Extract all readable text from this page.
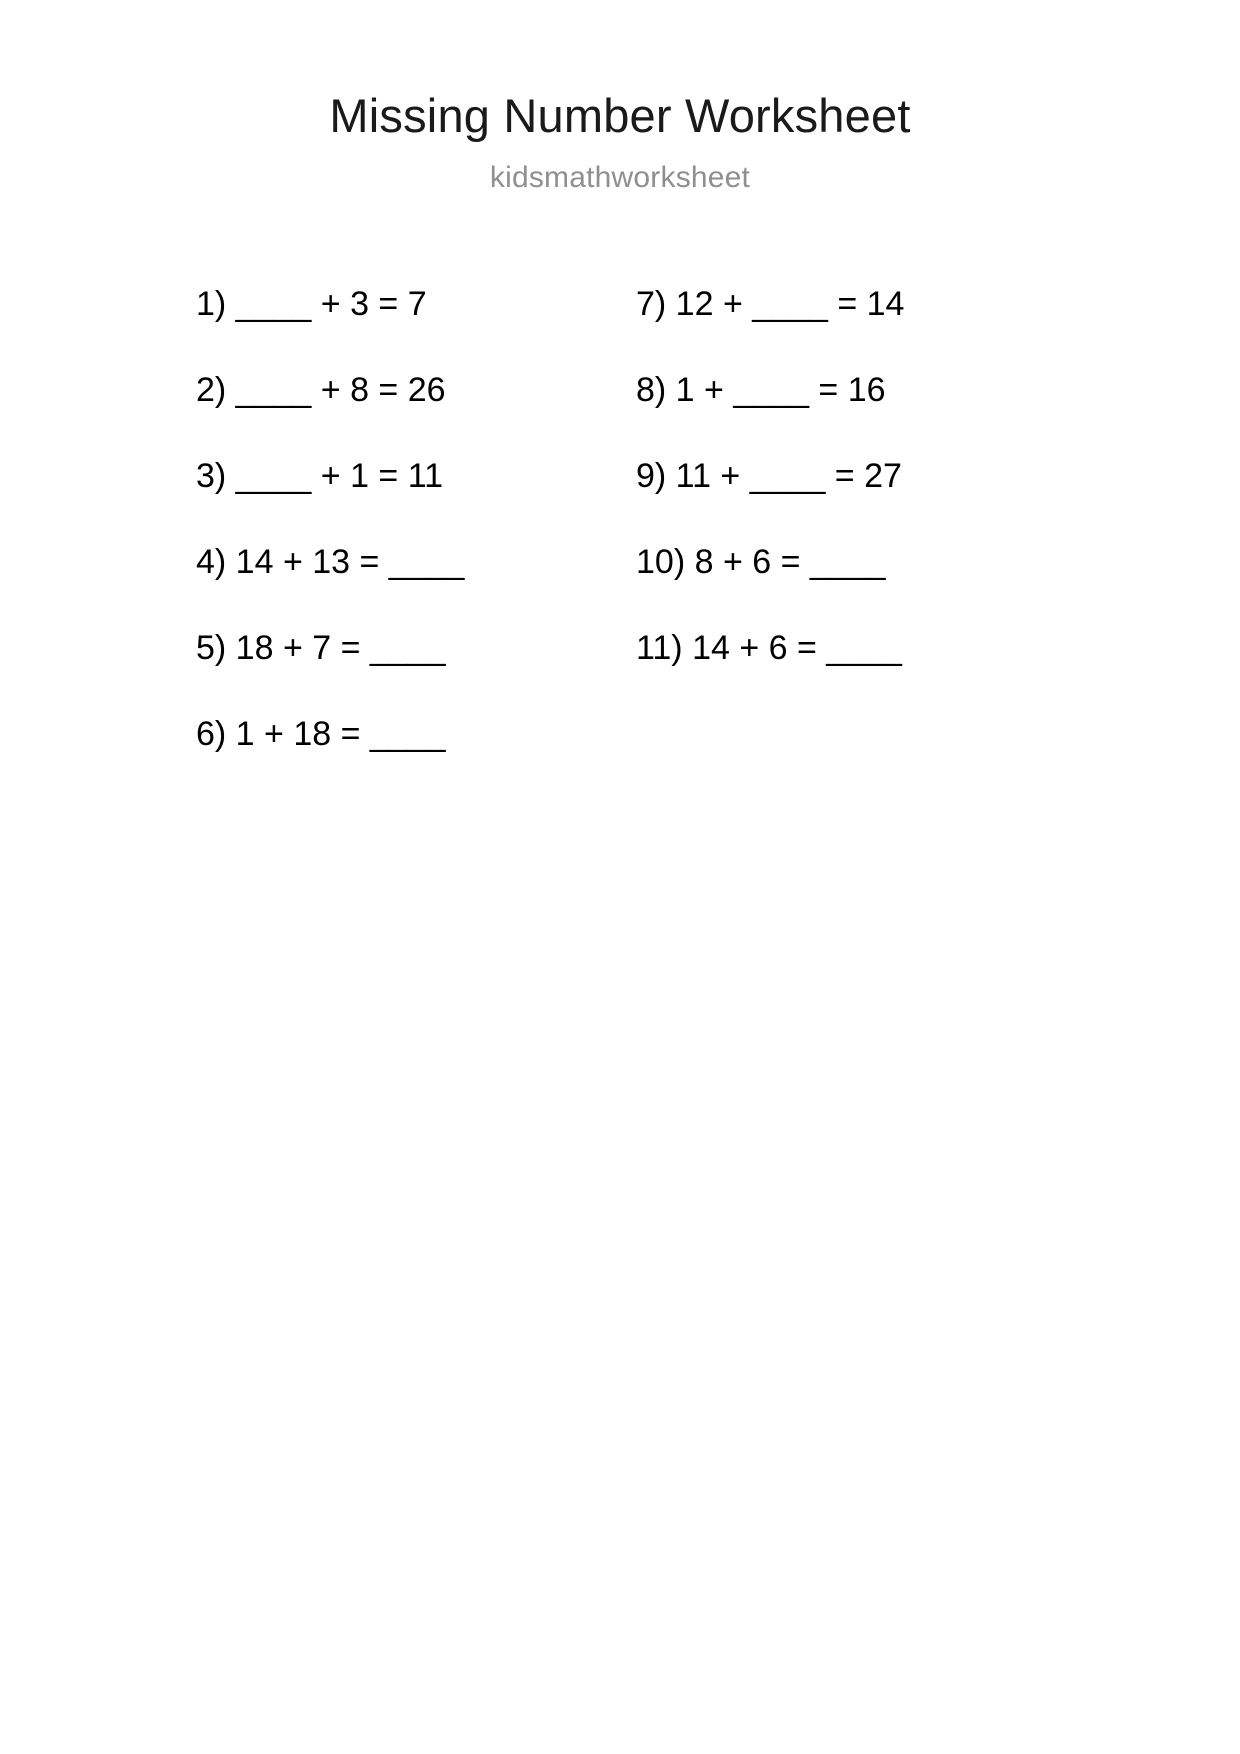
Missing Number Worksheet
kidsmathworksheet
1) ____ + 3 = 7
2) ____ + 8 = 26
3) ____ + 1 = 11
4) 14 + 13 = ____
5) 18 + 7 = ____
6) 1 + 18 = ____
7) 12 + ____ = 14
8) 1 + ____ = 16
9) 11 + ____ = 27
10) 8 + 6 = ____
11) 14 + 6 = ____
